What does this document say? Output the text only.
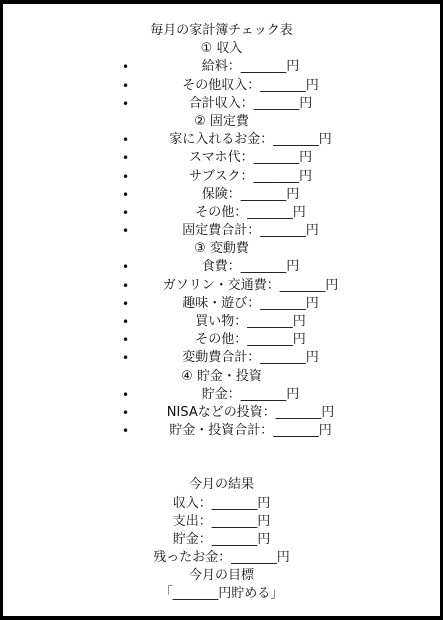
毎月の家計簿チェック表
① 収入
•	給料：_______円
•	その他収入：_______円
•	合計収入：_______円
② 固定費
•	家に入れるお金：_______円
•	スマホ代：_______円
•	サブスク：_______円
•	保険：_______円
•	その他：_______円
•	固定費合計：_______円
③ 変動費
•	食費：_______円
•	ガソリン・交通費：_______円
•	趣味・遊び：_______円
•	買い物：_______円
•	その他：_______円
•	変動費合計：_______円
④ 貯金・投資
•	貯金：_______円
•	NISAなどの投資：_______円
•	貯金・投資合計：_______円
今月の結果
収入：_______円
支出：_______円
貯金：_______円
残ったお金：_______円
今月の目標
「_______円貯める」
